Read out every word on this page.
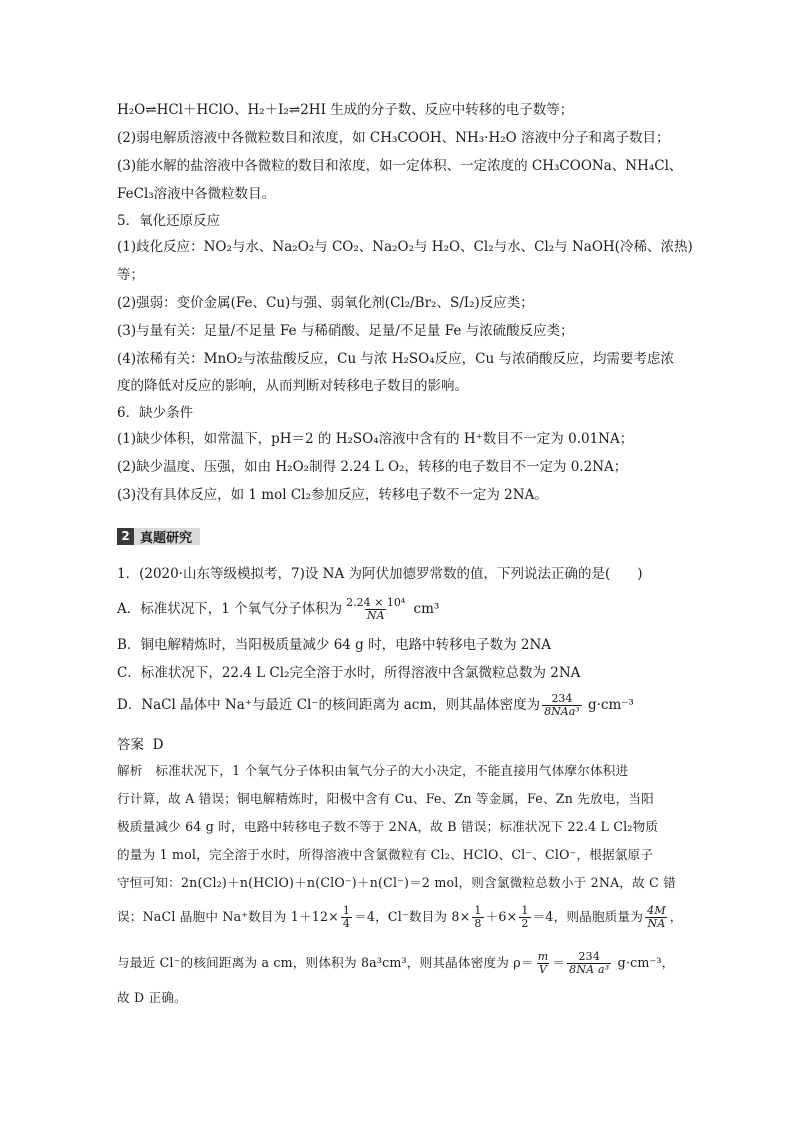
H₂O⇌HCl＋HClO、H₂＋I₂⇌2HI 生成的分子数、反应中转移的电子数等；
(2)弱电解质溶液中各微粒数目和浓度，如 CH₃COOH、NH₃·H₂O 溶液中分子和离子数目；
(3)能水解的盐溶液中各微粒的数目和浓度，如一定体积、一定浓度的 CH₃COONa、NH₄Cl、
FeCl₃溶液中各微粒数目。
5．氧化还原反应
(1)歧化反应：NO₂与水、Na₂O₂与 CO₂、Na₂O₂与 H₂O、Cl₂与水、Cl₂与 NaOH(冷稀、浓热)
等；
(2)强弱：变价金属(Fe、Cu)与强、弱氧化剂(Cl₂/Br₂、S/I₂)反应类；
(3)与量有关：足量/不足量 Fe 与稀硝酸、足量/不足量 Fe 与浓硫酸反应类；
(4)浓稀有关：MnO₂与浓盐酸反应，Cu 与浓 H₂SO₄反应，Cu 与浓硝酸反应，均需要考虑浓
度的降低对反应的影响，从而判断对转移电子数目的影响。
6．缺少条件
(1)缺少体积，如常温下，pH＝2 的 H₂SO₄溶液中含有的 H⁺数目不一定为 0.01NA；
(2)缺少温度、压强，如由 H₂O₂制得 2.24 L O₂，转移的电子数目不一定为 0.2NA；
(3)没有具体反应，如 1 mol Cl₂参加反应，转移电子数不一定为 2NA。
2 真题研究
1．(2020·山东等级模拟考，7)设 NA 为阿伏加德罗常数的值，下列说法正确的是(　　)
A．标准状况下，1 个氧气分子体积为 $\frac{\text{2.24 × 10⁴}}{NA} cm^3$
B．铜电解精炼时，当阳极质量减少 64 g 时，电路中转移电子数为 2NA
C．标准状况下，22.4 L Cl₂完全溶于水时，所得溶液中含氯微粒总数为 2NA
D．NaCl 晶体中 Na⁺与最近 Cl⁻的核间距离为 acm，则其晶体密度为 $\frac{234}{\text{8NAa³}} g\cdot cm^{-3}$
答案 D
解析　标准状况下，1 个氧气分子体积由氧气分子的大小决定，不能直接用气体摩尔体积进
行计算，故 A 错误；铜电解精炼时，阳极中含有 Cu、Fe、Zn 等金属，Fe、Zn 先放电，当阳
极质量减少 64 g 时，电路中转移电子数不等于 2NA，故 B 错误；标准状况下 22.4 L Cl₂物质
的量为 1 mol，完全溶于水时，所得溶液中含氯微粒有 Cl₂、HClO、Cl⁻、ClO⁻，根据氯原子
守恒可知：2n(Cl₂)＋n(HClO)＋n(ClO⁻)＋n(Cl⁻)＝2 mol，则含氯微粒总数小于 2NA，故 C 错
误；NaCl 晶胞中 Na⁺数目为 $1+12\times \frac{1}{4} =4$，Cl⁻数目为 $8\times \frac{1}{8} +6\times \frac{1}{2} =4$，则晶胞质量为 $\frac{4M}{NA}$ ，
与最近 Cl⁻的核间距离为 a cm，则体积为 8a³cm³，则其晶体密度为 $\rho= \frac{m}{V} = \frac{234}{\text{8NA a³}} g\cdot cm^{-3}$，
故 D 正确。
